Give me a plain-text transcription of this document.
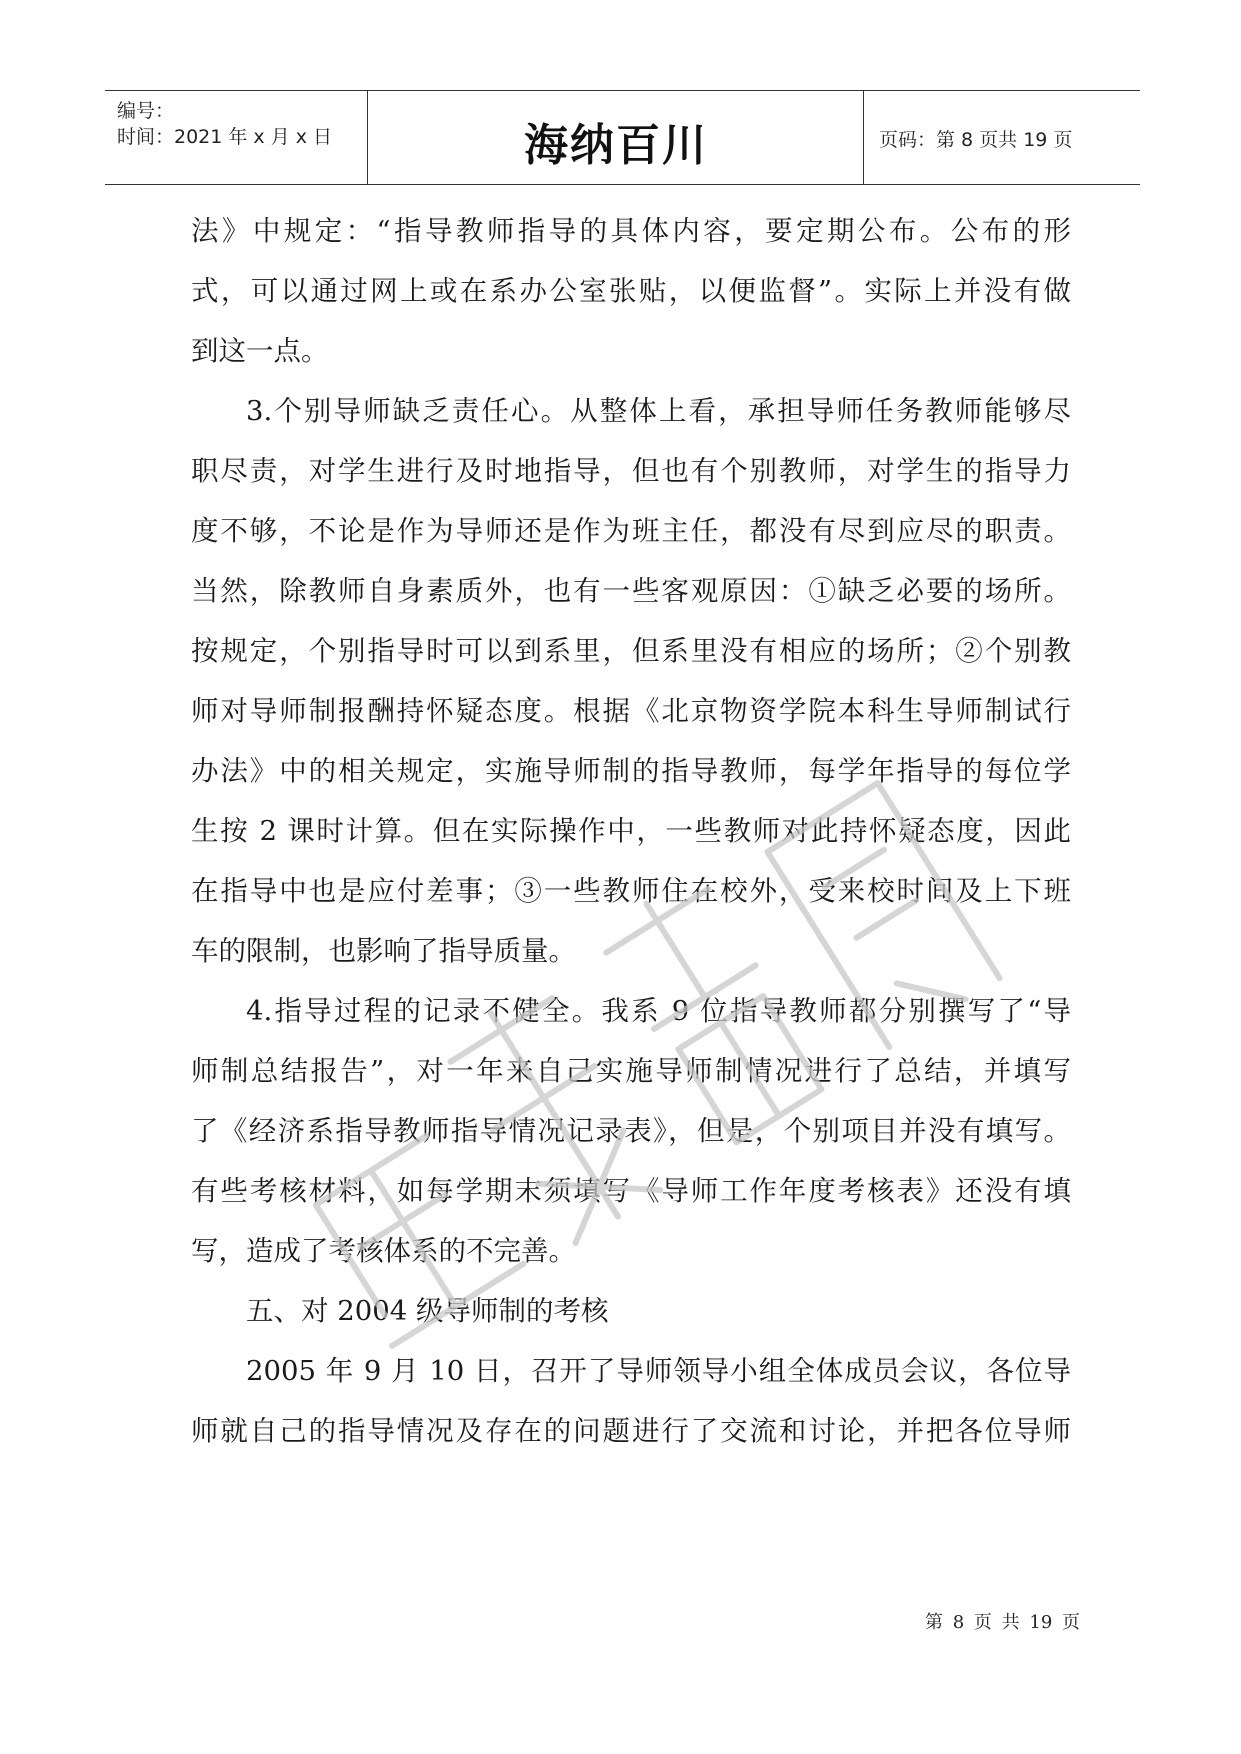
编号：
时间：2021 年 x 月 x 日	海纳百川	页码：第 8 页共 19 页
法》中规定：“指导教师指导的具体内容，要定期公布。公布的形
式，可以通过网上或在系办公室张贴，以便监督”。实际上并没有做
到这一点。
3.个别导师缺乏责任心。从整体上看，承担导师任务教师能够尽
职尽责，对学生进行及时地指导，但也有个别教师，对学生的指导力
度不够，不论是作为导师还是作为班主任，都没有尽到应尽的职责。
当然，除教师自身素质外，也有一些客观原因：①缺乏必要的场所。
按规定，个别指导时可以到系里，但系里没有相应的场所；②个别教
师对导师制报酬持怀疑态度。根据《北京物资学院本科生导师制试行
办法》中的相关规定，实施导师制的指导教师，每学年指导的每位学
生按 2 课时计算。但在实际操作中，一些教师对此持怀疑态度，因此
在指导中也是应付差事；③一些教师住在校外，受来校时间及上下班
车的限制，也影响了指导质量。
4.指导过程的记录不健全。我系 9 位指导教师都分别撰写了“导
师制总结报告”，对一年来自己实施导师制情况进行了总结，并填写
了《经济系指导教师指导情况记录表》，但是，个别项目并没有填写。
有些考核材料，如每学期末须填写《导师工作年度考核表》还没有填
写，造成了考核体系的不完善。
五、对 2004 级导师制的考核
2005 年 9 月 10 日，召开了导师领导小组全体成员会议，各位导
师就自己的指导情况及存在的问题进行了交流和讨论，并把各位导师
第 8 页 共 19 页
